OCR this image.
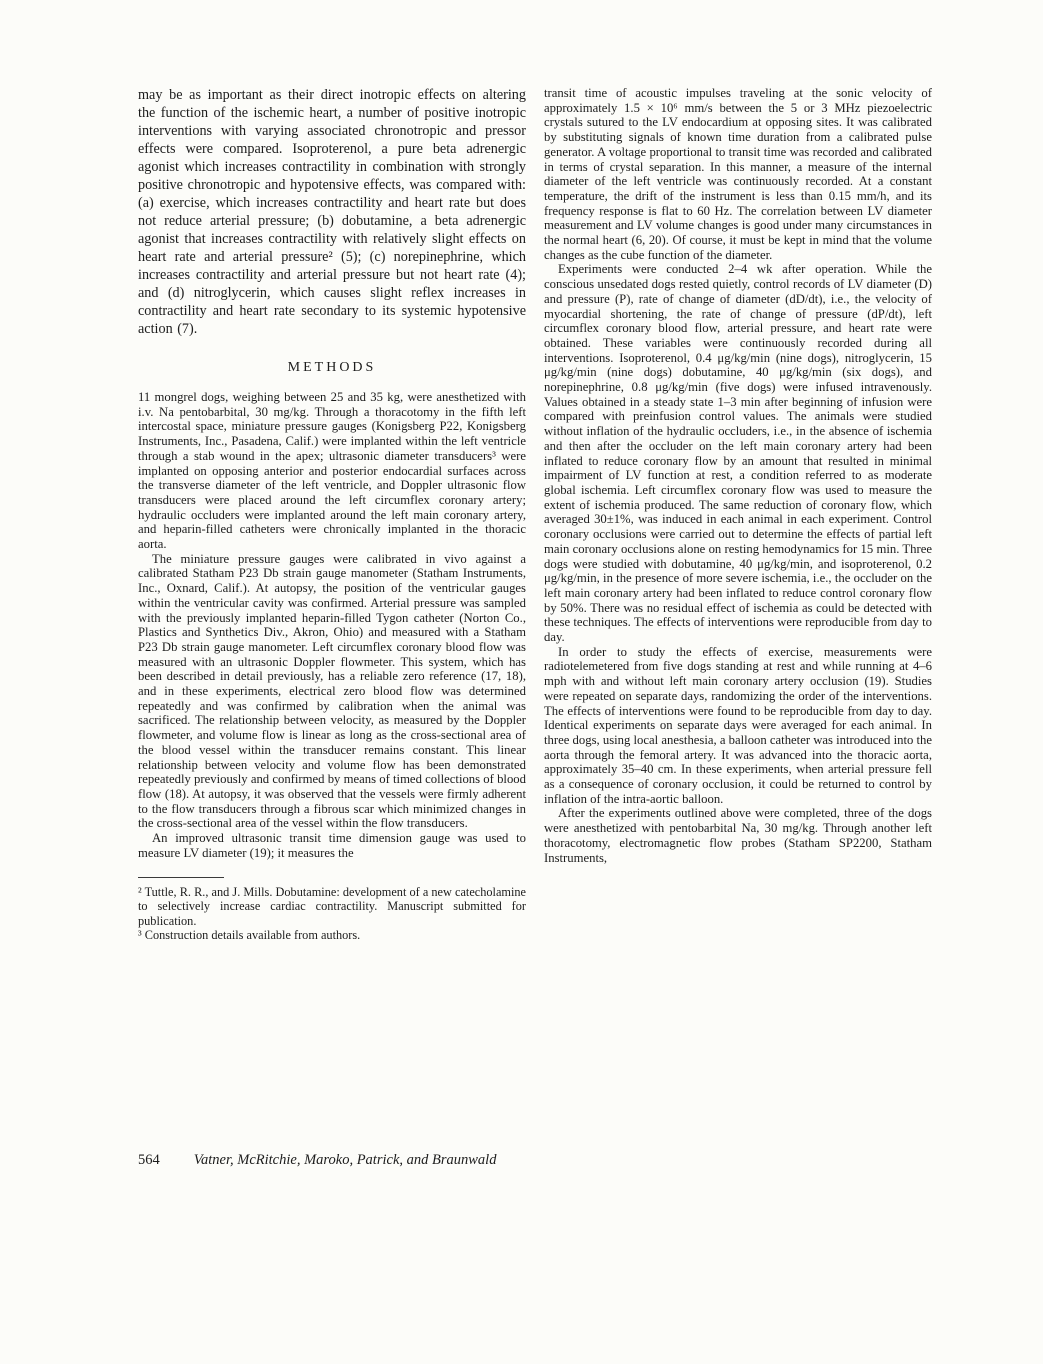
may be as important as their direct inotropic effects on altering the function of the ischemic heart, a number of positive inotropic interventions with varying associated chronotropic and pressor effects were compared. Isoproterenol, a pure beta adrenergic agonist which increases contractility in combination with strongly positive chronotropic and hypotensive effects, was compared with: (a) exercise, which increases contractility and heart rate but does not reduce arterial pressure; (b) dobutamine, a beta adrenergic agonist that increases contractility with relatively slight effects on heart rate and arterial pressure² (5); (c) norepinephrine, which increases contractility and arterial pressure but not heart rate (4); and (d) nitroglycerin, which causes slight reflex increases in contractility and heart rate secondary to its systemic hypotensive action (7).

METHODS

11 mongrel dogs, weighing between 25 and 35 kg, were anesthetized with i.v. Na pentobarbital, 30 mg/kg. Through a thoracotomy in the fifth left intercostal space, miniature pressure gauges (Konigsberg P22, Konigsberg Instruments, Inc., Pasadena, Calif.) were implanted within the left ventricle through a stab wound in the apex; ultrasonic diameter transducers³ were implanted on opposing anterior and posterior endocardial surfaces across the transverse diameter of the left ventricle, and Doppler ultrasonic flow transducers were placed around the left circumflex coronary artery; hydraulic occluders were implanted around the left main coronary artery, and heparin-filled catheters were chronically implanted in the thoracic aorta.

The miniature pressure gauges were calibrated in vivo against a calibrated Statham P23 Db strain gauge manometer (Statham Instruments, Inc., Oxnard, Calif.). At autopsy, the position of the ventricular gauges within the ventricular cavity was confirmed. Arterial pressure was sampled with the previously implanted heparin-filled Tygon catheter (Norton Co., Plastics and Synthetics Div., Akron, Ohio) and measured with a Statham P23 Db strain gauge manometer. Left circumflex coronary blood flow was measured with an ultrasonic Doppler flowmeter. This system, which has been described in detail previously, has a reliable zero reference (17, 18), and in these experiments, electrical zero blood flow was determined repeatedly and was confirmed by calibration when the animal was sacrificed. The relationship between velocity, as measured by the Doppler flowmeter, and volume flow is linear as long as the cross-sectional area of the blood vessel within the transducer remains constant. This linear relationship between velocity and volume flow has been demonstrated repeatedly previously and confirmed by means of timed collections of blood flow (18). At autopsy, it was observed that the vessels were firmly adherent to the flow transducers through a fibrous scar which minimized changes in the cross-sectional area of the vessel within the flow transducers.

An improved ultrasonic transit time dimension gauge was used to measure LV diameter (19); it measures the

² Tuttle, R. R., and J. Mills. Dobutamine: development of a new catecholamine to selectively increase cardiac contractility. Manuscript submitted for publication.

³ Construction details available from authors.

transit time of acoustic impulses traveling at the sonic velocity of approximately 1.5 × 10⁶ mm/s between the 5 or 3 MHz piezoelectric crystals sutured to the LV endocardium at opposing sites. It was calibrated by substituting signals of known time duration from a calibrated pulse generator. A voltage proportional to transit time was recorded and calibrated in terms of crystal separation. In this manner, a measure of the internal diameter of the left ventricle was continuously recorded. At a constant temperature, the drift of the instrument is less than 0.15 mm/h, and its frequency response is flat to 60 Hz. The correlation between LV diameter measurement and LV volume changes is good under many circumstances in the normal heart (6, 20). Of course, it must be kept in mind that the volume changes as the cube function of the diameter.

Experiments were conducted 2–4 wk after operation. While the conscious unsedated dogs rested quietly, control records of LV diameter (D) and pressure (P), rate of change of diameter (dD/dt), i.e., the velocity of myocardial shortening, the rate of change of pressure (dP/dt), left circumflex coronary blood flow, arterial pressure, and heart rate were obtained. These variables were continuously recorded during all interventions. Isoproterenol, 0.4 μg/kg/min (nine dogs), nitroglycerin, 15 μg/kg/min (nine dogs) dobutamine, 40 μg/kg/min (six dogs), and norepinephrine, 0.8 μg/kg/min (five dogs) were infused intravenously. Values obtained in a steady state 1–3 min after beginning of infusion were compared with preinfusion control values. The animals were studied without inflation of the hydraulic occluders, i.e., in the absence of ischemia and then after the occluder on the left main coronary artery had been inflated to reduce coronary flow by an amount that resulted in minimal impairment of LV function at rest, a condition referred to as moderate global ischemia. Left circumflex coronary flow was used to measure the extent of ischemia produced. The same reduction of coronary flow, which averaged 30±1%, was induced in each animal in each experiment. Control coronary occlusions were carried out to determine the effects of partial left main coronary occlusions alone on resting hemodynamics for 15 min. Three dogs were studied with dobutamine, 40 μg/kg/min, and isoproterenol, 0.2 μg/kg/min, in the presence of more severe ischemia, i.e., the occluder on the left main coronary artery had been inflated to reduce control coronary flow by 50%. There was no residual effect of ischemia as could be detected with these techniques. The effects of interventions were reproducible from day to day.

In order to study the effects of exercise, measurements were radiotelemetered from five dogs standing at rest and while running at 4–6 mph with and without left main coronary artery occlusion (19). Studies were repeated on separate days, randomizing the order of the interventions. The effects of interventions were found to be reproducible from day to day. Identical experiments on separate days were averaged for each animal. In three dogs, using local anesthesia, a balloon catheter was introduced into the aorta through the femoral artery. It was advanced into the thoracic aorta, approximately 35–40 cm. In these experiments, when arterial pressure fell as a consequence of coronary occlusion, it could be returned to control by inflation of the intra-aortic balloon.

After the experiments outlined above were completed, three of the dogs were anesthetized with pentobarbital Na, 30 mg/kg. Through another left thoracotomy, electromagnetic flow probes (Statham SP2200, Statham Instruments,

564 Vatner, McRitchie, Maroko, Patrick, and Braunwald
